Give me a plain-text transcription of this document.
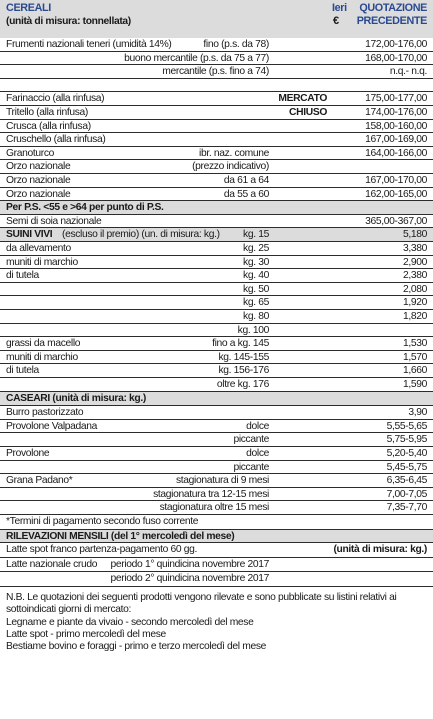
CEREALI
(unità di misura: tonnellata)
Ieri
€
QUOTAZIONE
PRECEDENTE
Frumenti nazionali teneri (umidità 14%)	fino (p.s. da 78)	172,00-176,00
buono mercantile (p.s. da 75 a 77)	168,00-170,00
mercantile (p.s. fino a 74)	n.q.- n.q.
Farinaccio (alla rinfusa)	MERCATO	175,00-177,00
Tritello (alla rinfusa)	CHIUSO	174,00-176,00
Crusca (alla rinfusa)	158,00-160,00
Cruschello (alla rinfusa)	167,00-169,00
Granoturco	ibr. naz. comune	164,00-166,00
Orzo nazionale	(prezzo indicativo)
Orzo nazionale	da 61 a 64	167,00-170,00
Orzo nazionale	da 55 a 60	162,00-165,00
Per P.S. <55 e >64 per punto di P.S.
Semi di soia nazionale	365,00-367,00
SUINI VIVI (escluso il premio) (un. di misura: kg.) kg. 15	5,180
da allevamento	kg. 25	3,380
muniti di marchio	kg. 30	2,900
di tutela	kg. 40	2,380
kg. 50	2,080
kg. 65	1,920
kg. 80	1,820
kg. 100
grassi da macello	fino a kg. 145	1,530
muniti di marchio	kg. 145-155	1,570
di tutela	kg. 156-176	1,660
oltre kg. 176	1,590
CASEARI (unità di misura: kg.)
Burro pastorizzato	3,90
Provolone Valpadana	dolce	5,55-5,65
piccante	5,75-5,95
Provolone	dolce	5,20-5,40
piccante	5,45-5,75
Grana Padano*	stagionatura di 9 mesi	6,35-6,45
stagionatura tra 12-15 mesi	7,00-7,05
stagionatura oltre 15 mesi	7,35-7,70
*Termini di pagamento secondo fuso corrente
RILEVAZIONI MENSILI (del 1° mercoledì del mese)
Latte spot franco partenza-pagamento 60 gg.	(unità di misura: kg.)
Latte nazionale crudo periodo 1° quindicina novembre 2017
periodo 2° quindicina novembre 2017
N.B. Le quotazioni dei seguenti prodotti vengono rilevate e sono pubblicate su listini relativi ai
sottoindicati giorni di mercato:
Legname e piante da vivaio - secondo mercoledì del mese
Latte spot - primo mercoledì del mese
Bestiame bovino e foraggi - primo e terzo mercoledì del mese
